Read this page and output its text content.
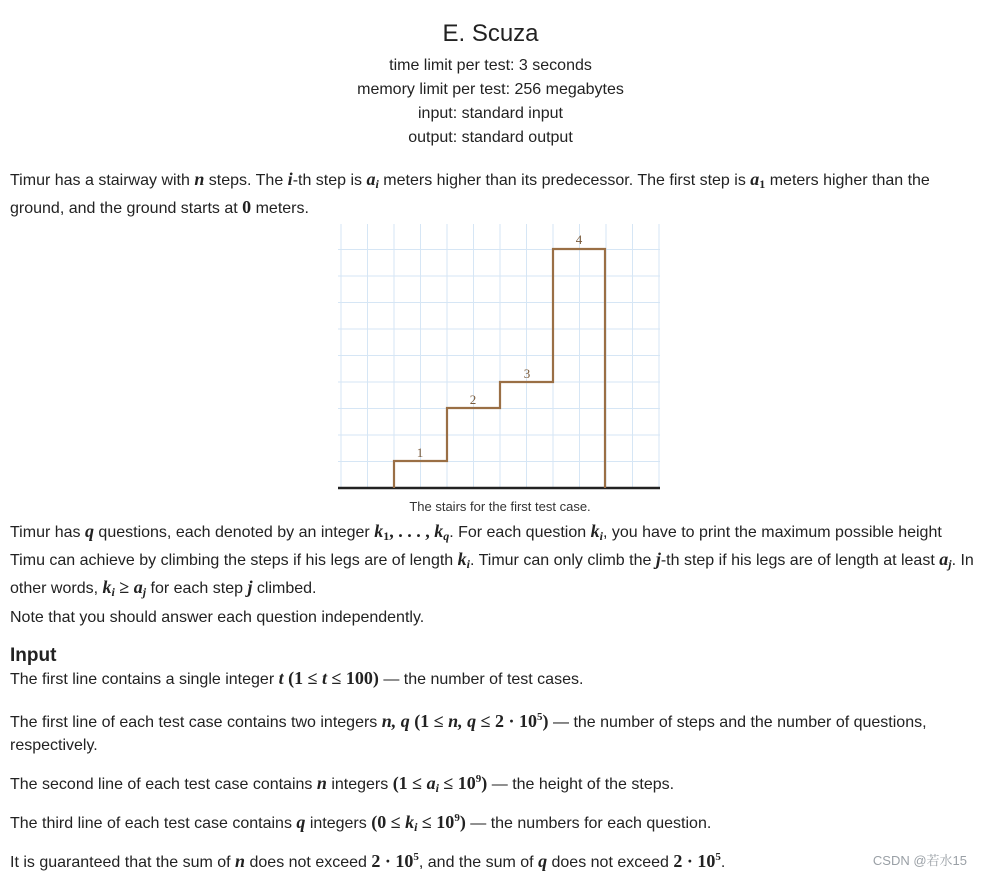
E. Scuza
time limit per test: 3 seconds
memory limit per test: 256 megabytes
input: standard input
output: standard output
Timur has a stairway with n steps. The i-th step is $a_i$ meters higher than its predecessor. The first step is $a_1$ meters higher than the ground, and the ground starts at 0 meters.
1
2
3
4
The stairs for the first test case.
Timur has q questions, each denoted by an integer $k_1$, . . . , $k_q$. For each question $k_i$, you have to print the maximum possible height Timu can achieve by climbing the steps if his legs are of length $k_i$. Timur can only climb the j-th step if his legs are of length at least $a_j$. In other words, $k_i \ge a_j$ for each step j climbed.
Note that you should answer each question independently.
Input
The first line contains a single integer t (1 ≤ t ≤ 100) — the number of test cases.
The first line of each test case contains two integers n, q (1 ≤ n, $q \le 2 \cdot 10^5$) — the number of steps and the number of questions, respectively.
The second line of each test case contains n integers $(1 \le a_i \le 10^9)$ — the height of the steps.
The third line of each test case contains q integers $(0 \le k_i \le 10^9)$ — the numbers for each question.
It is guaranteed that the sum of n does not exceed $2 \cdot 10^5$, and the sum of q does not exceed $2 \cdot 10^5$.	CSDN @若水15
